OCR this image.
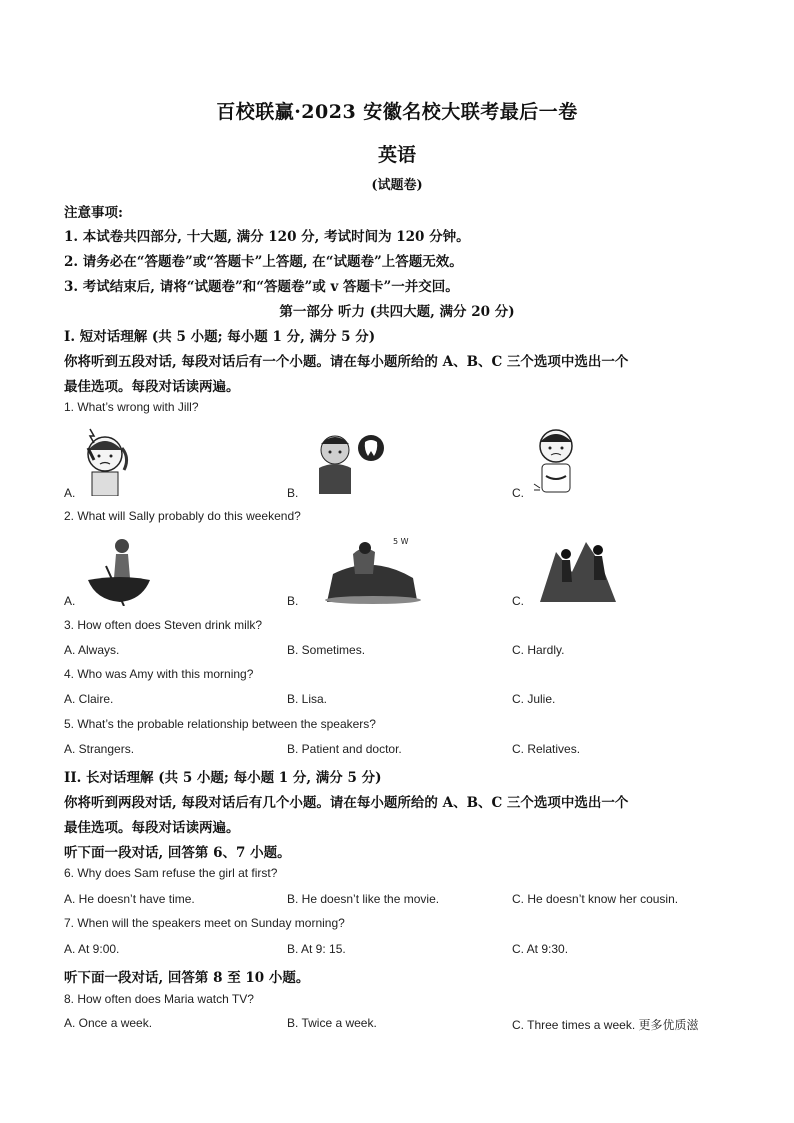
百校联赢·2023 安徽名校大联考最后一卷
英语
(试题卷)
注意事项:
1. 本试卷共四部分, 十大题, 满分 120 分, 考试时间为 120 分钟。
2. 请务必在“答题卷”或“答题卡”上答题, 在“试题卷”上答题无效。
3. 考试结束后, 请将“试题卷”和“答题卷”或 v 答题卡”一并交回。
第一部分 听力 (共四大题, 满分 20 分)
I. 短对话理解 (共 5 小题; 每小题 1 分, 满分 5 分)
你将听到五段对话, 每段对话后有一个小题。请在每小题所给的 A、B、C 三个选项中选出一个
最佳选项。每段对话读两遍。
1. What’s wrong with Jill?
A.	B.	C.
2. What will Sally probably do this weekend?
5 W
A.	B.	C.
3. How often does Steven drink milk?
A. Always.	B. Sometimes.	C. Hardly.
4. Who was Amy with this morning?
A. Claire.	B. Lisa.	C. Julie.
5. What’s the probable relationship between the speakers?
A. Strangers.	B. Patient and doctor.	C. Relatives.
II. 长对话理解 (共 5 小题; 每小题 1 分, 满分 5 分)
你将听到两段对话, 每段对话后有几个小题。请在每小题所给的 A、B、C 三个选项中选出一个
最佳选项。每段对话读两遍。
听下面一段对话, 回答第 6、7 小题。
6. Why does Sam refuse the girl at first?
A. He doesn’t have time.	B. He doesn’t like the movie.	C. He doesn’t know her cousin.
7. When will the speakers meet on Sunday morning?
A. At 9:00.	B. At 9: 15.	C. At 9:30.
听下面一段对话, 回答第 8 至 10 小题。
8. How often does Maria watch TV?
A. Once a week.	B. Twice a week.	C. Three times a week. 更多优质滋
